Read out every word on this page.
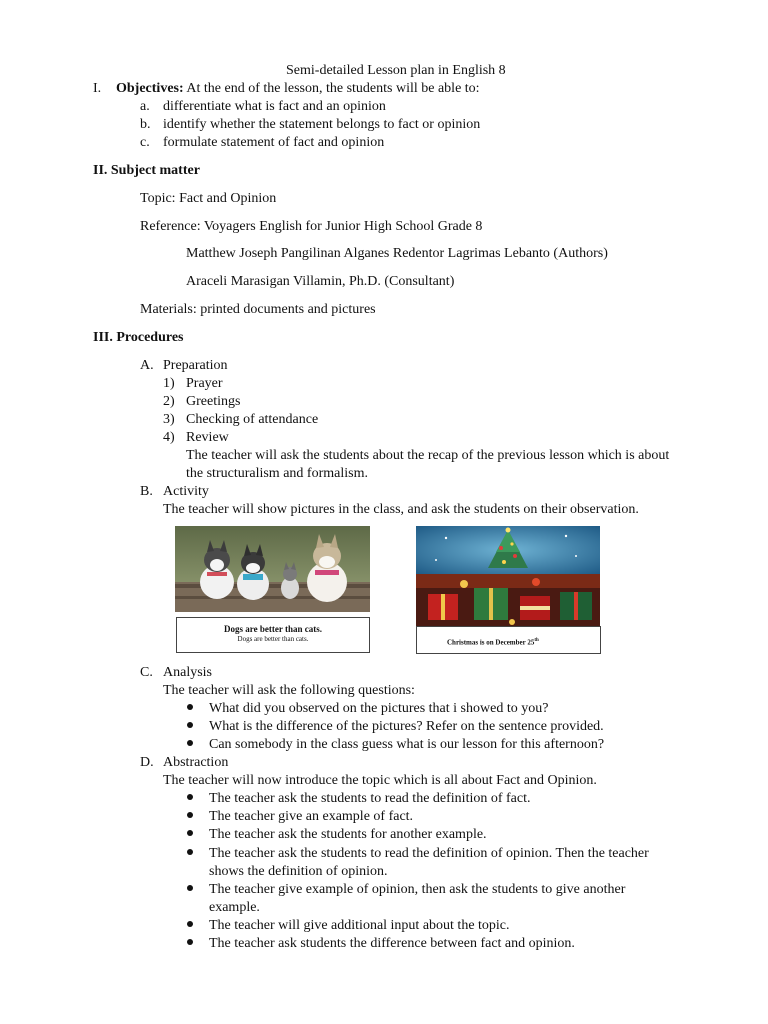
Semi-detailed Lesson plan in English 8
I. Objectives: At the end of the lesson, the students will be able to:
a. differentiate what is fact and an opinion
b. identify whether the statement belongs to fact or opinion
c. formulate statement of fact and opinion
II. Subject matter
Topic: Fact and Opinion
Reference: Voyagers English for Junior High School Grade 8
Matthew Joseph Pangilinan Alganes Redentor Lagrimas Lebanto (Authors)
Araceli Marasigan Villamin, Ph.D. (Consultant)
Materials: printed documents and pictures
III. Procedures
A. Preparation
1) Prayer
2) Greetings
3) Checking of attendance
4) Review
The teacher will ask the students about the recap of the previous lesson which is about
the structuralism and formalism.
B. Activity
The teacher will show pictures in the class, and ask the students on their observation.
Dogs are better than cats.
Dogs are better than cats.	Christmas is on December 25th
C. Analysis
The teacher will ask the following questions:
What did you observed on the pictures that i showed to you?
What is the difference of the pictures? Refer on the sentence provided.
Can somebody in the class guess what is our lesson for this afternoon?
D. Abstraction
The teacher will now introduce the topic which is all about Fact and Opinion.
The teacher ask the students to read the definition of fact.
The teacher give an example of fact.
The teacher ask the students for another example.
The teacher ask the students to read the definition of opinion. Then the teacher
shows the definition of opinion.
The teacher give example of opinion, then ask the students to give another
example.
The teacher will give additional input about the topic.
The teacher ask students the difference between fact and opinion.
